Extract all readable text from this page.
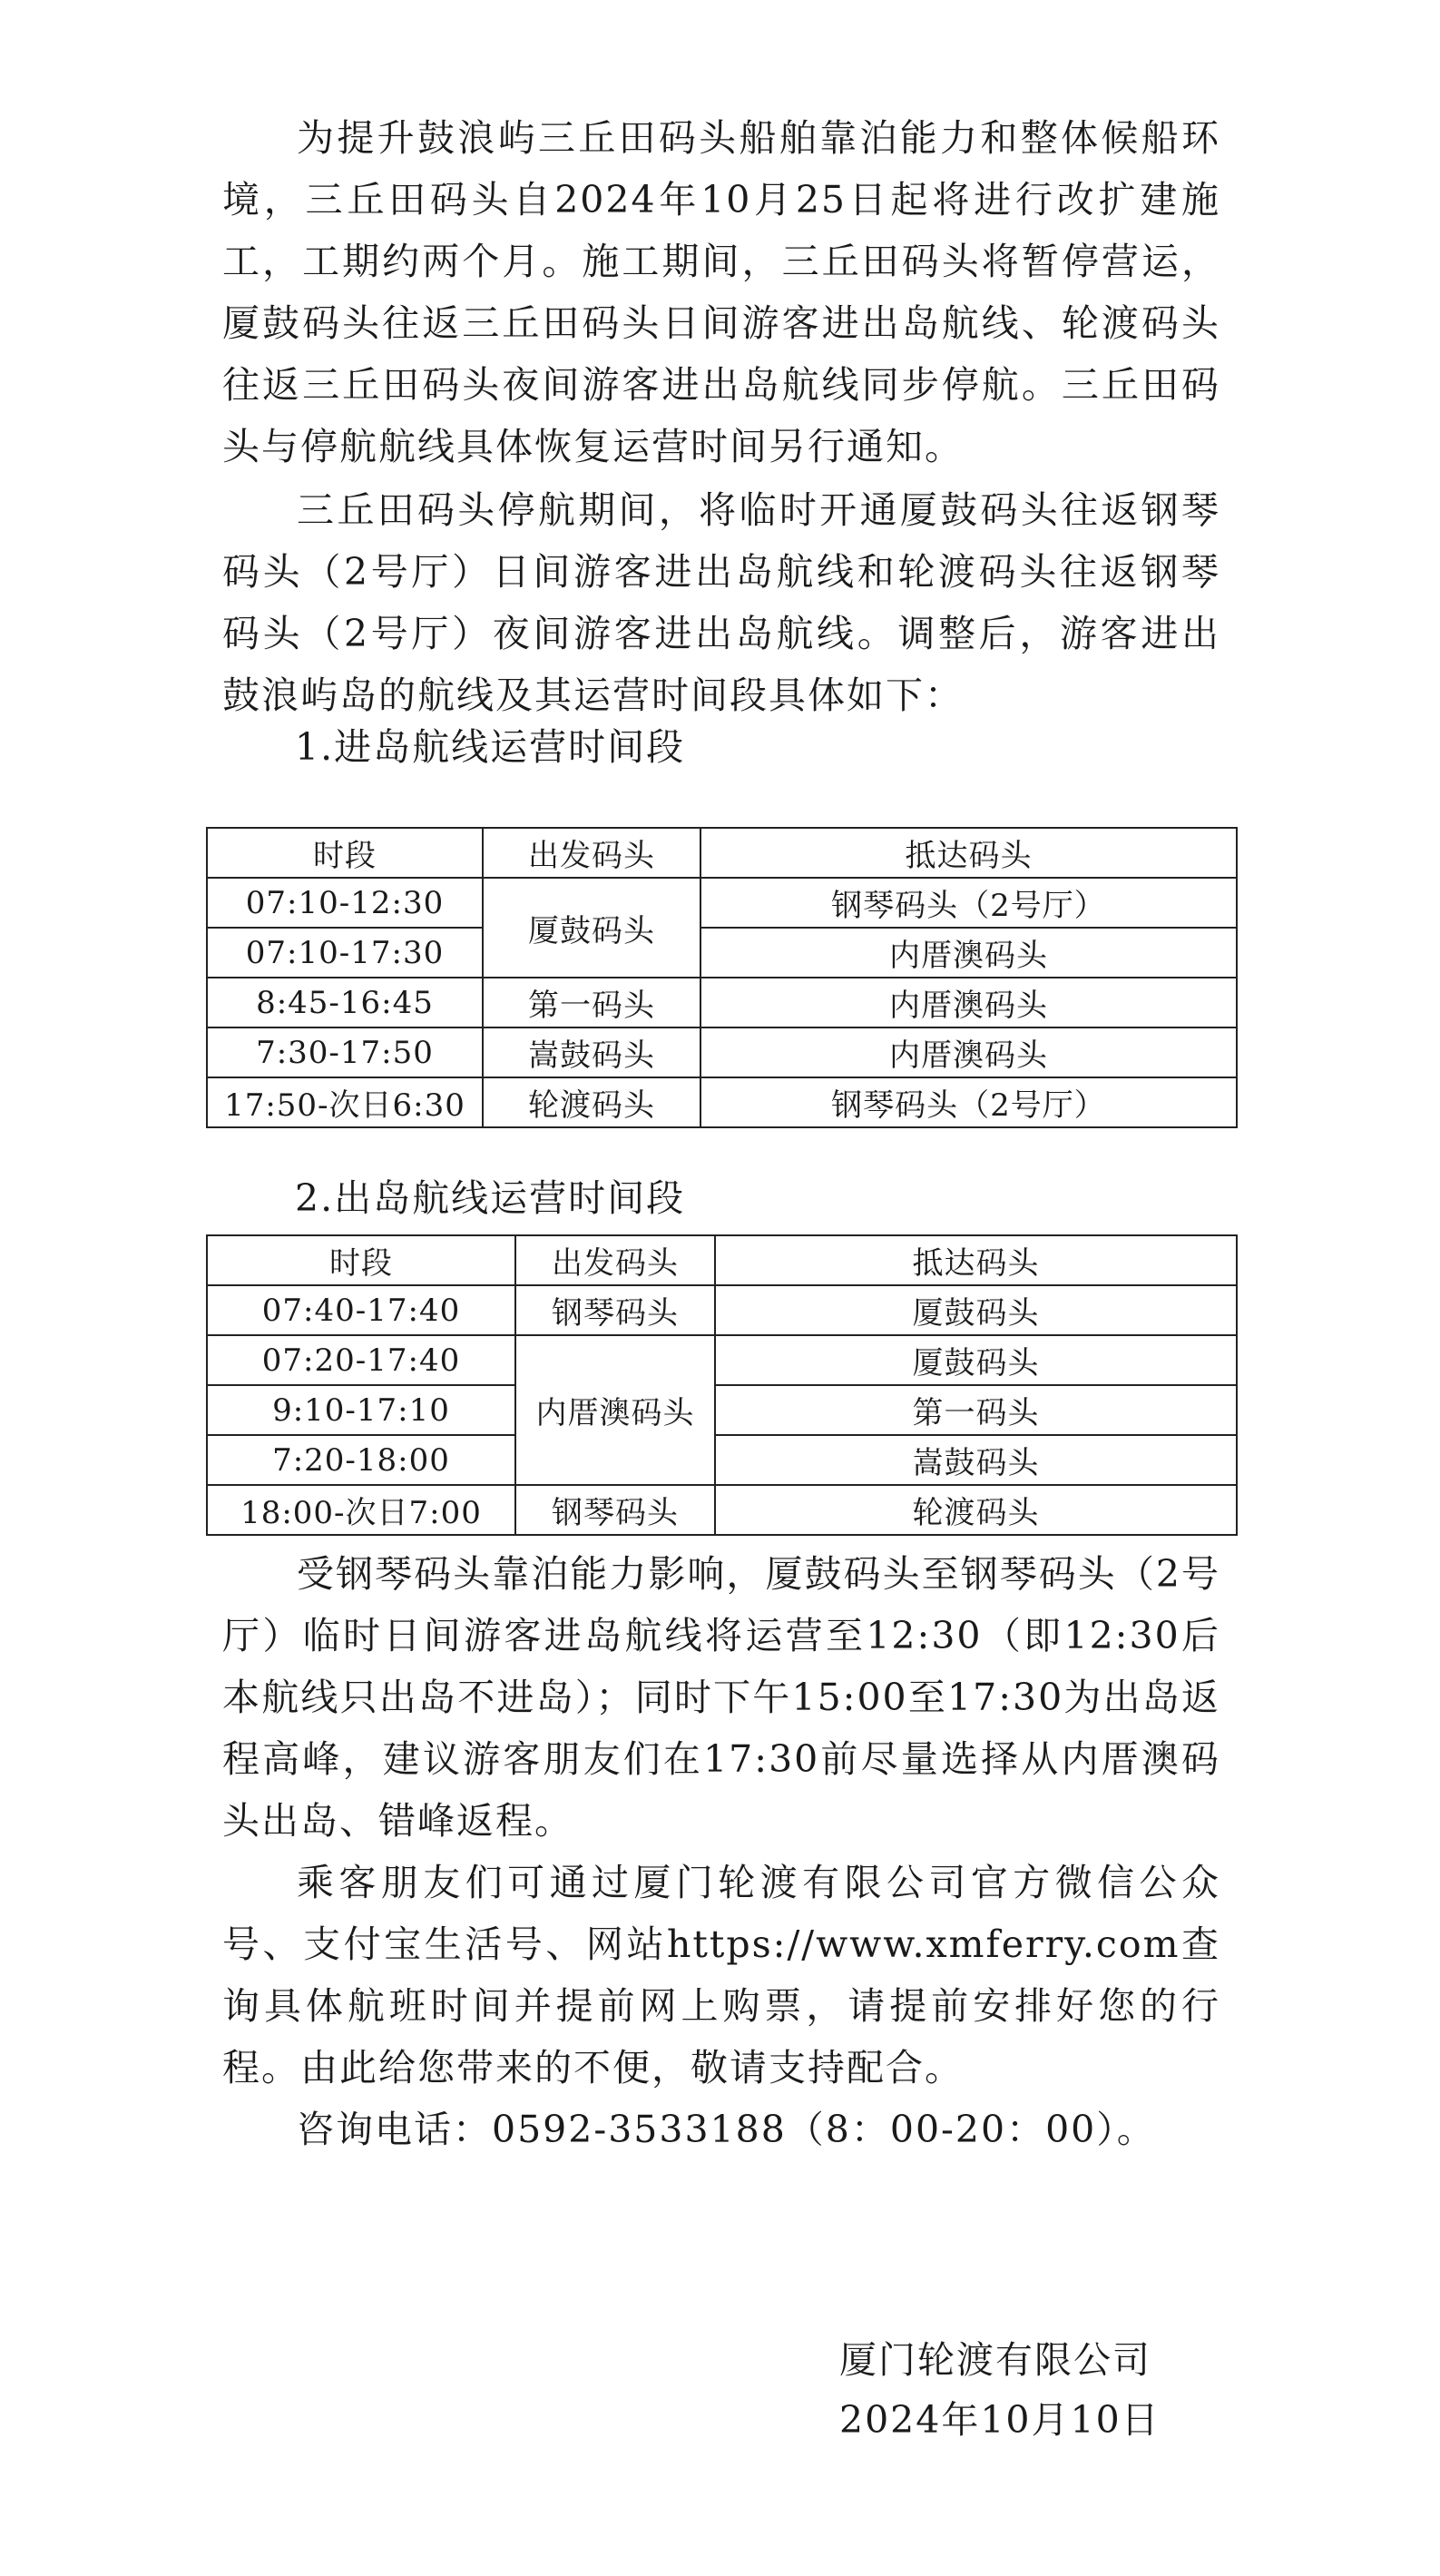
为提升鼓浪屿三丘田码头船舶靠泊能力和整体候船环境，三丘田码头自2024年10月25日起将进行改扩建施工，工期约两个月。施工期间，三丘田码头将暂停营运，厦鼓码头往返三丘田码头日间游客进出岛航线、轮渡码头往返三丘田码头夜间游客进出岛航线同步停航。三丘田码头与停航航线具体恢复运营时间另行通知。

三丘田码头停航期间，将临时开通厦鼓码头往返钢琴码头（2号厅）日间游客进出岛航线和轮渡码头往返钢琴码头（2号厅）夜间游客进出岛航线。调整后，游客进出鼓浪屿岛的航线及其运营时间段具体如下：

1.进岛航线运营时间段

时段	出发码头	抵达码头
07:10-12:30	厦鼓码头	钢琴码头（2号厅）
07:10-17:30		内厝澳码头
8:45-16:45	第一码头	内厝澳码头
7:30-17:50	嵩鼓码头	内厝澳码头
17:50-次日6:30	轮渡码头	钢琴码头（2号厅）

2.出岛航线运营时间段

时段	出发码头	抵达码头
07:40-17:40	钢琴码头	厦鼓码头
07:20-17:40	内厝澳码头	厦鼓码头
9:10-17:10		第一码头
7:20-18:00		嵩鼓码头
18:00-次日7:00	钢琴码头	轮渡码头

受钢琴码头靠泊能力影响，厦鼓码头至钢琴码头（2号厅）临时日间游客进岛航线将运营至12:30（即12:30后本航线只出岛不进岛）；同时下午15:00至17:30为出岛返程高峰，建议游客朋友们在17:30前尽量选择从内厝澳码头出岛、错峰返程。

乘客朋友们可通过厦门轮渡有限公司官方微信公众号、支付宝生活号、网站https://www.xmferry.com查询具体航班时间并提前网上购票，请提前安排好您的行程。由此给您带来的不便，敬请支持配合。

咨询电话：0592-3533188（8：00-20：00）。

厦门轮渡有限公司

2024年10月10日
